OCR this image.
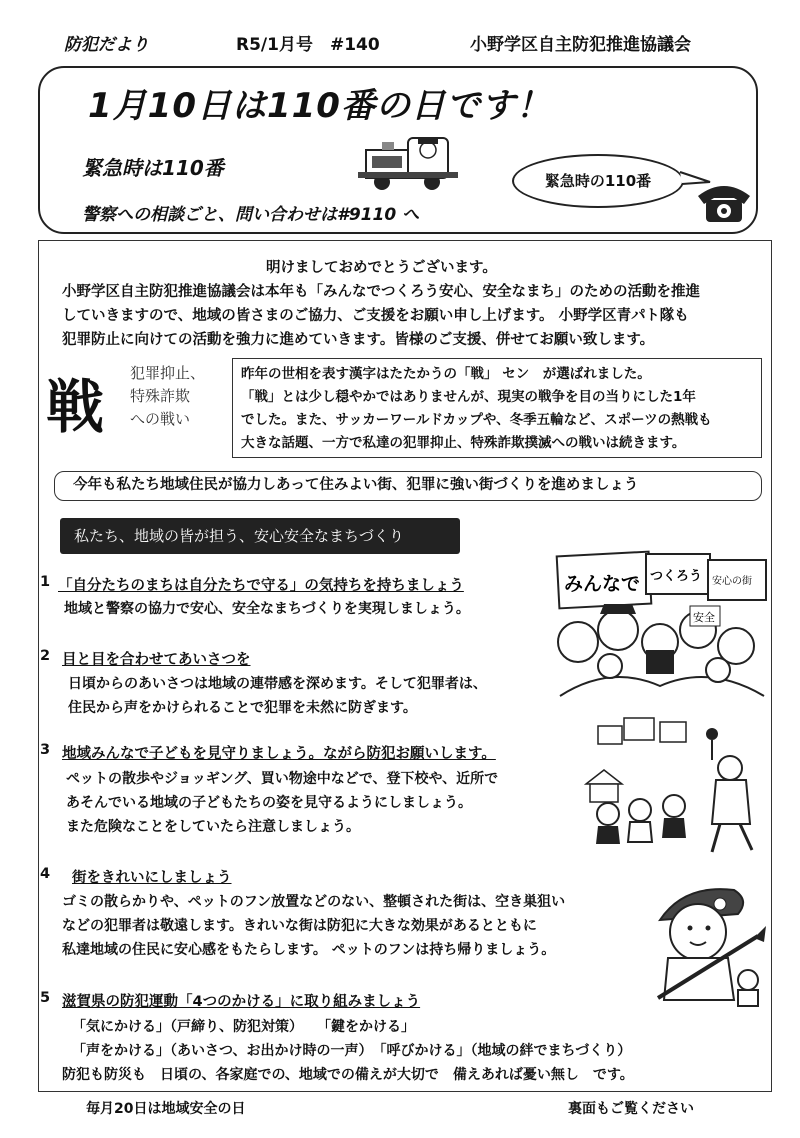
防犯だより	R5/1月号　#140	小野学区自主防犯推進協議会
1月10日は110番の日です！
緊急時は110番
警察への相談ごと、問い合わせは#9110 へ
緊急時の110番
明けましておめでとうございます。
小野学区自主防犯推進協議会は本年も「みんなでつくろう安心、安全なまち」のための活動を推進
していきますので、地域の皆さまのご協力、ご支援をお願い申し上げます。 小野学区青パト隊も
犯罪防止に向けての活動を強力に進めていきます。皆様のご支援、併せてお願い致します。
戦 犯罪抑止、
特殊詐欺
への戦い
昨年の世相を表す漢字はたたかうの「戦」 セン　が選ばれました。
「戦」とは少し穏やかではありませんが、現実の戦争を目の当りにした1年
でした。また、サッカーワールドカップや、冬季五輪など、スポーツの熱戦も
大きな話題、一方で私達の犯罪抑止、特殊詐欺撲滅への戦いは続きます。
今年も私たち地域住民が協力しあって住みよい街、犯罪に強い街づくりを進めましょう
私たち、地域の皆が担う、安心安全なまちづくり
1 「自分たちのまちは自分たちで守る」の気持ちを持ちましょう
地域と警察の協力で安心、安全なまちづくりを実現しましょう。
2 目と目を合わせてあいさつを
日頃からのあいさつは地域の連帯感を深めます。そして犯罪者は、
住民から声をかけられることで犯罪を未然に防ぎます。
3 地域みんなで子どもを見守りましょう。ながら防犯お願いします。
ペットの散歩やジョッギング、買い物途中などで、登下校や、近所で
あそんでいる地域の子どもたちの姿を見守るようにしましょう。
また危険なことをしていたら注意しましょう。
4 街をきれいにしましょう
ゴミの散らかりや、ペットのフン放置などのない、整頓された街は、空き巣狙い
などの犯罪者は敬遠します。きれいな街は防犯に大きな効果があるとともに
私達地域の住民に安心感をもたらします。 ペットのフンは持ち帰りましょう。
5 滋賀県の防犯運動「4つのかける」に取り組みましょう
「気にかける」（戸締り、防犯対策）　　「鍵をかける」
「声をかける」（あいさつ、お出かけ時の一声）　「呼びかける」（地域の絆でまちづくり）
防犯も防災も　日頃の、各家庭での、地域での備えが大切で　備えあれば憂い無し　です。
みんなで つくろう 安心の街
安全
毎月20日は地域安全の日	裏面もご覧ください
